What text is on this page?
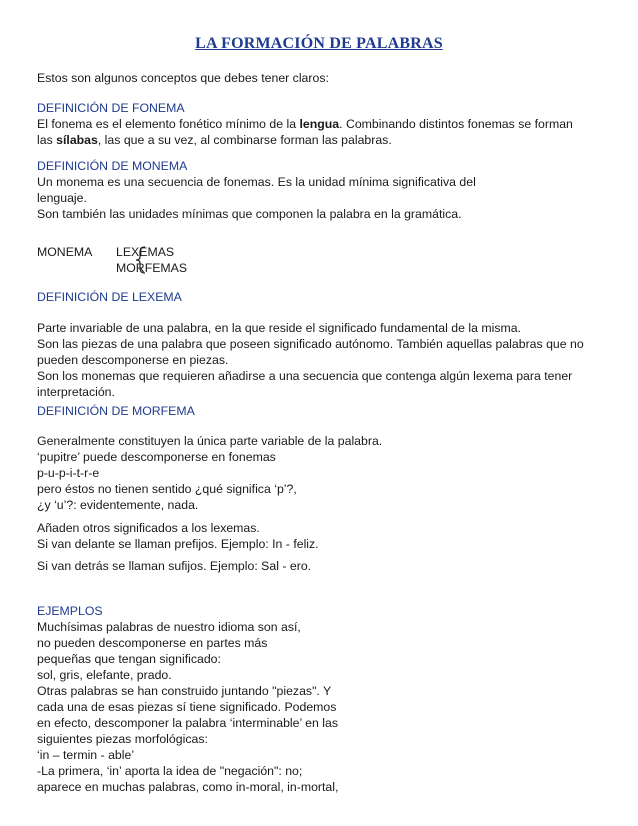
LA FORMACIÓN DE PALABRAS
Estos son algunos conceptos que debes tener claros:
DEFINICIÓN DE FONEMA
El fonema es el elemento fonético mínimo de la lengua. Combinando distintos fonemas se forman
las sílabas, las que a su vez, al combinarse forman las palabras.
DEFINICIÓN DE MONEMA
Un monema es una secuencia de fonemas. Es la unidad mínima significativa del
lenguaje.
Son también las unidades mínimas que componen la palabra en la gramática.
MONEMA LEXEMAS
MORFEMAS
DEFINICIÓN DE LEXEMA
Parte invariable de una palabra, en la que reside el significado fundamental de la misma.
Son las piezas de una palabra que poseen significado autónomo. También aquellas palabras que no
pueden descomponerse en piezas.
Son los monemas que requieren añadirse a una secuencia que contenga algún lexema para tener
interpretación.
DEFINICIÓN DE MORFEMA
Generalmente constituyen la única parte variable de la palabra.
‘pupitre’ puede descomponerse en fonemas
p-u-p-i-t-r-e
pero éstos no tienen sentido ¿qué significa ‘p’?,
¿y ‘u’?: evidentemente, nada.
Añaden otros significados a los lexemas.
Si van delante se llaman prefijos. Ejemplo: In - feliz.
Si van detrás se llaman sufijos. Ejemplo: Sal - ero.
EJEMPLOS
Muchísimas palabras de nuestro idioma son así,
no pueden descomponerse en partes más
pequeñas que tengan significado:
sol, gris, elefante, prado.
Otras palabras se han construido juntando "piezas". Y
cada una de esas piezas sí tiene significado. Podemos
en efecto, descomponer la palabra ‘interminable’ en las
siguientes piezas morfológicas:
‘in – termin - able’
-La primera, ‘in’ aporta la idea de "negación": no;
aparece en muchas palabras, como in-moral, in-mortal,
